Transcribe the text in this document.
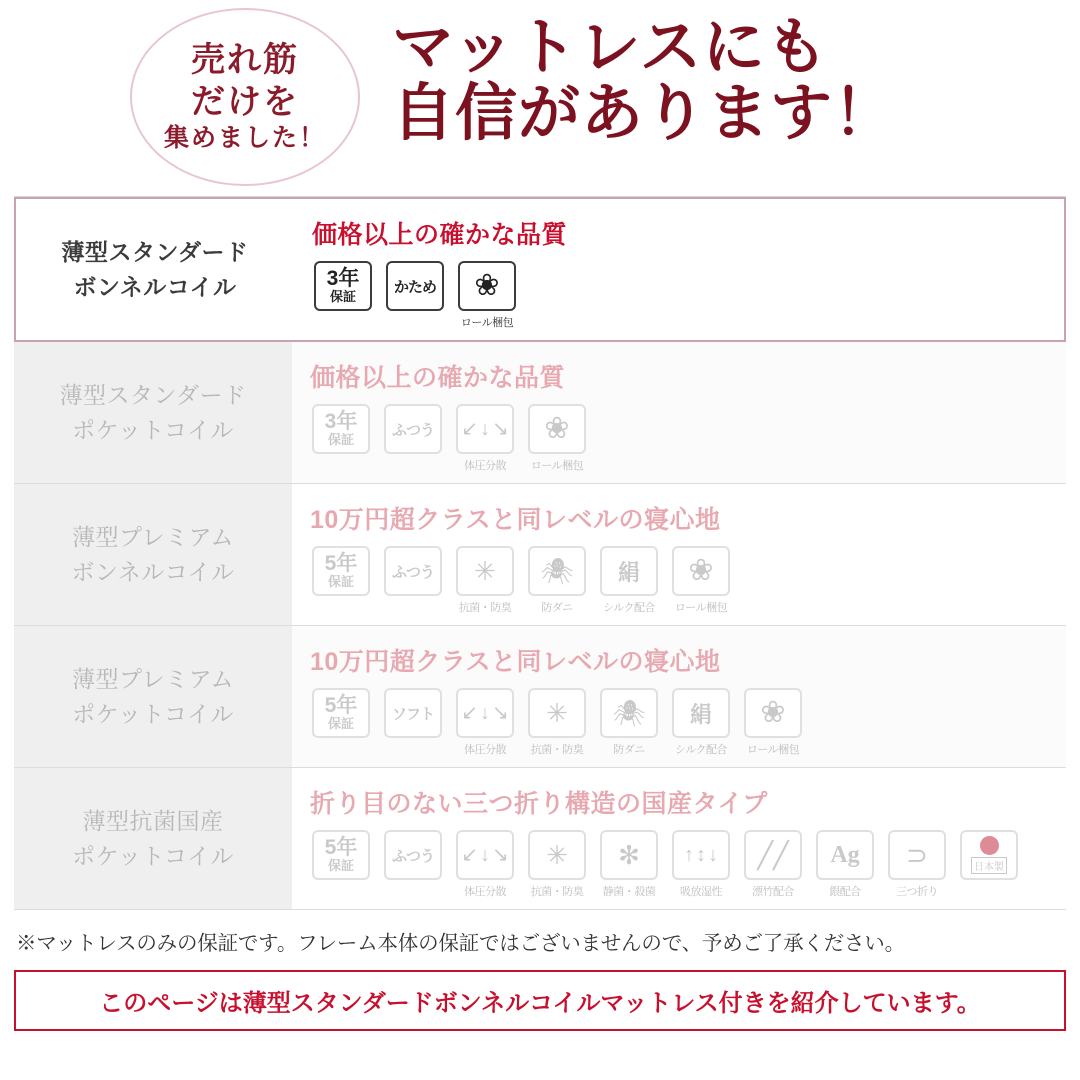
売れ筋
だけを
集めました！
マットレスにも
自信があります！
薄型スタンダード
ボンネルコイル
価格以上の確かな品質
3年
保証
かため ❀
ロール梱包
薄型スタンダード
ポケットコイル
価格以上の確かな品質
3年
保証
ふつう ↙ ↓ ↘
体圧分散
❀
ロール梱包
薄型プレミアム
ボンネルコイル
10万円超クラスと同レベルの寝心地
5年
保証
ふつう ✳
抗菌・防臭
🕷
防ダニ
絹
シルク配合
❀
ロール梱包
薄型プレミアム
ポケットコイル
10万円超クラスと同レベルの寝心地
5年
保証
ソフト ↙ ↓ ↘
体圧分散
✳
抗菌・防臭
🕷
防ダニ
絹
シルク配合
❀
ロール梱包
薄型抗菌国産
ポケットコイル
折り目のない三つ折り構造の国産タイプ
5年
保証
ふつう ↙ ↓ ↘
体圧分散
✳
抗菌・防臭
✻
静菌・殺菌
↑ ↕ ↓
吸放湿性
╱╱
漂竹配合
Ag
銀配合
⊃
三つ折り
日本製
※マットレスのみの保証です。フレーム本体の保証ではございませんので、予めご了承ください。
このページは薄型スタンダードボンネルコイルマットレス付きを紹介しています。
